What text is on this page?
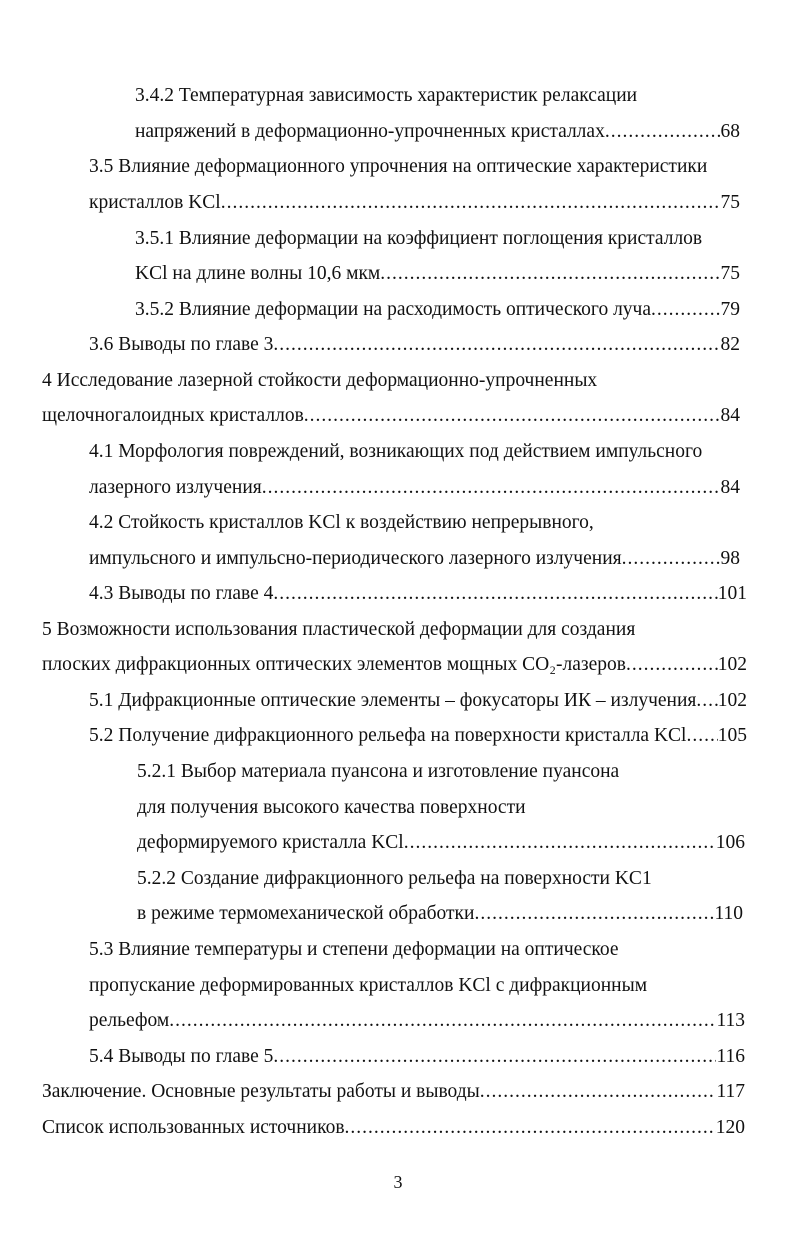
3.4.2 Температурная зависимость характеристик релаксации
напряжений в деформационно-упрочненных кристаллах .....	68
3.5 Влияние деформационного упрочнения на оптические характеристики
кристаллов KCl .....	75
3.5.1 Влияние деформации на коэффициент поглощения кристаллов
KCl на длине волны 10,6 мкм .....	75
3.5.2 Влияние деформации на расходимость оптического луча .....	79
3.6 Выводы по главе 3 .....	82
4 Исследование лазерной стойкости деформационно-упрочненных
щелочногалоидных кристаллов .....	84
4.1 Морфология повреждений, возникающих под действием импульсного
лазерного излучения .....	84
4.2 Стойкость кристаллов KCl к воздействию непрерывного,
импульсного и импульсно-периодического лазерного излучения .....	98
4.3 Выводы по главе 4 .....	101
5 Возможности использования пластической деформации для создания
плоских дифракционных оптических элементов мощных CO₂-лазеров .....	102
5.1 Дифракционные оптические элементы – фокусаторы ИК – излучения ..... 102
5.2 Получение дифракционного рельефа на поверхности кристалла KCl ..... 105
5.2.1 Выбор материала пуансона и изготовление пуансона
для получения высокого качества поверхности
деформируемого кристалла KCl .....	106
5.2.2 Создание дифракционного рельефа на поверхности KC1
в режиме термомеханической обработки .....	110
5.3 Влияние температуры и степени деформации на оптическое
пропускание деформированных кристаллов KCl с дифракционным
рельефом .....	113
5.4 Выводы по главе 5 .....	116
Заключение. Основные результаты работы и выводы .....	117
Список использованных источников .....	120
3
